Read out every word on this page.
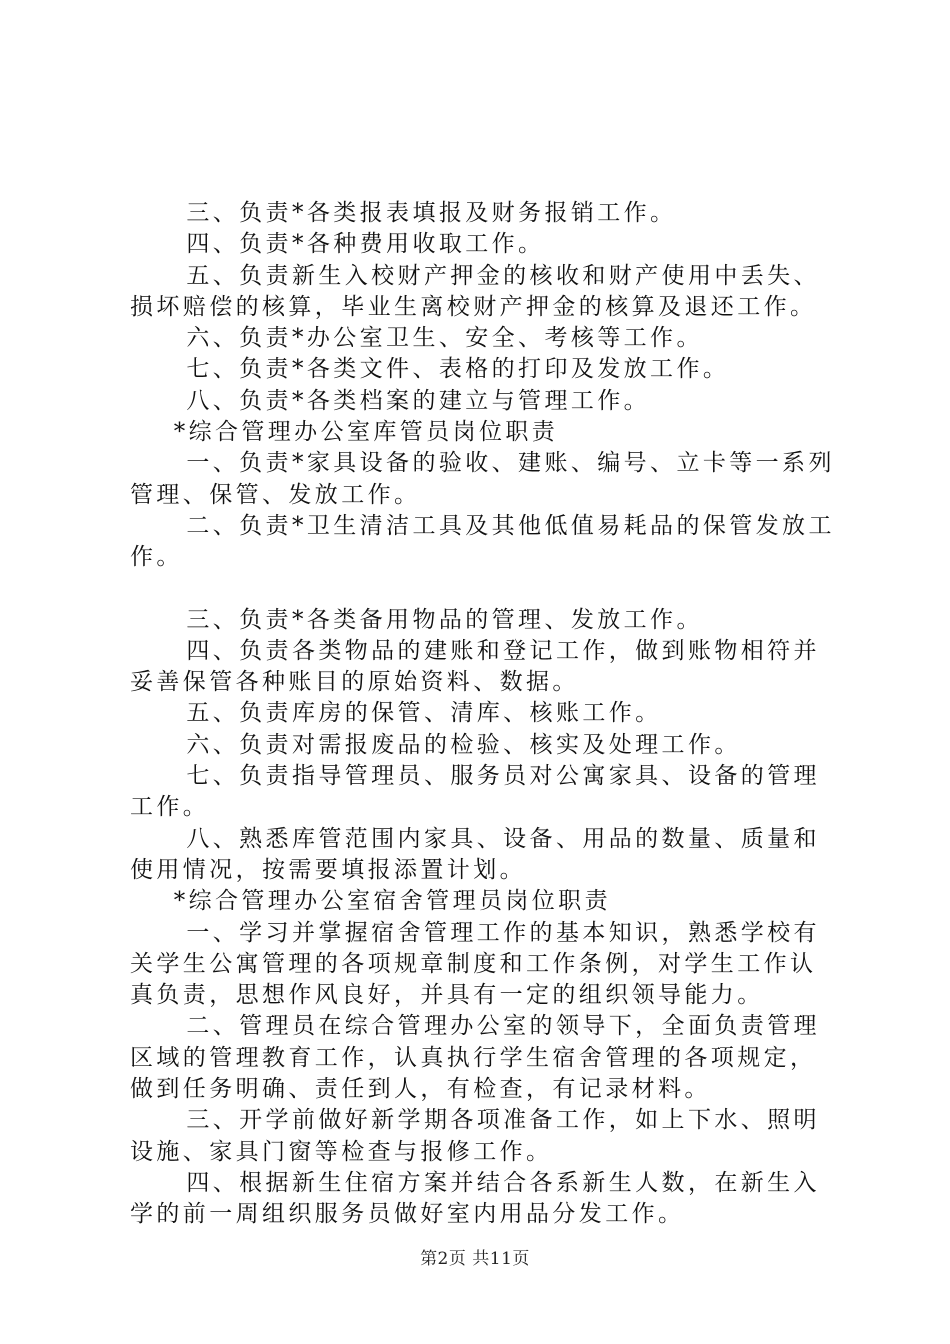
三、负责*各类报表填报及财务报销工作。

四、负责*各种费用收取工作。

五、负责新生入校财产押金的核收和财产使用中丢失、损坏赔偿的核算，毕业生离校财产押金的核算及退还工作。

六、负责*办公室卫生、安全、考核等工作。

七、负责*各类文件、表格的打印及发放工作。

八、负责*各类档案的建立与管理工作。

*综合管理办公室库管员岗位职责

一、负责*家具设备的验收、建账、编号、立卡等一系列管理、保管、发放工作。

二、负责*卫生清洁工具及其他低值易耗品的保管发放工作。

三、负责*各类备用物品的管理、发放工作。

四、负责各类物品的建账和登记工作，做到账物相符并妥善保管各种账目的原始资料、数据。

五、负责库房的保管、清库、核账工作。

六、负责对需报废品的检验、核实及处理工作。

七、负责指导管理员、服务员对公寓家具、设备的管理工作。

八、熟悉库管范围内家具、设备、用品的数量、质量和使用情况，按需要填报添置计划。

*综合管理办公室宿舍管理员岗位职责

一、学习并掌握宿舍管理工作的基本知识，熟悉学校有关学生公寓管理的各项规章制度和工作条例，对学生工作认真负责，思想作风良好，并具有一定的组织领导能力。

二、管理员在综合管理办公室的领导下，全面负责管理区域的管理教育工作，认真执行学生宿舍管理的各项规定，做到任务明确、责任到人，有检查，有记录材料。

三、开学前做好新学期各项准备工作，如上下水、照明设施、家具门窗等检查与报修工作。

四、根据新生住宿方案并结合各系新生人数，在新生入学的前一周组织服务员做好室内用品分发工作。

第2页 共11页
